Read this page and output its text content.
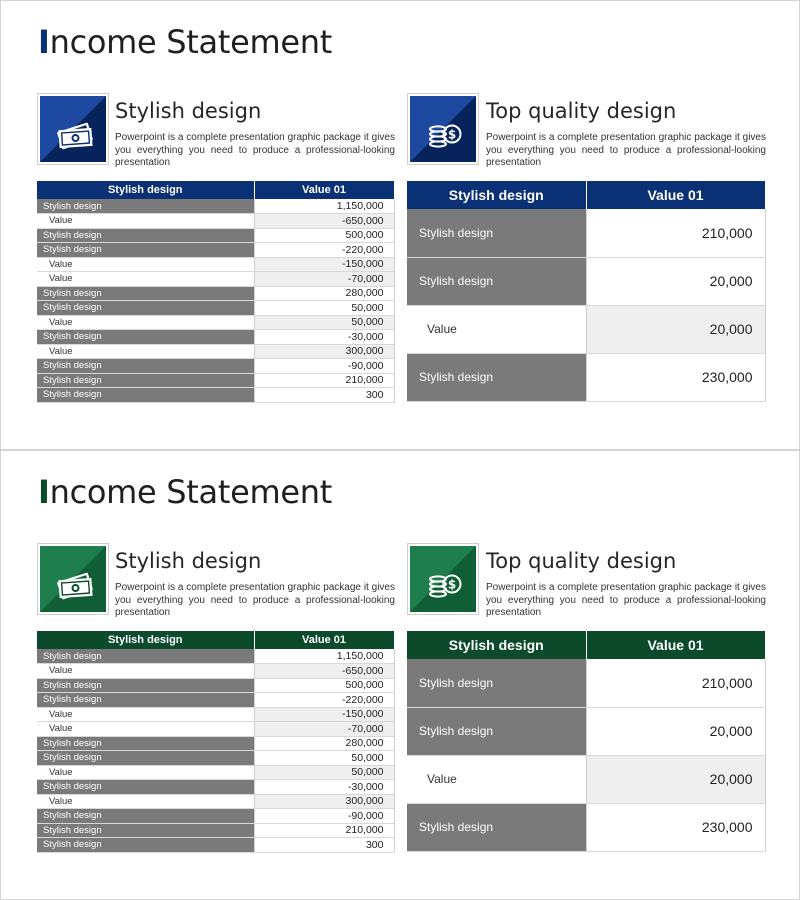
Income Statement
Stylish design
Powerpoint is a complete presentation graphic package it gives you everything you need to produce a professional-looking presentation
$
Top quality design
Powerpoint is a complete presentation graphic package it gives you everything you need to produce a professional-looking presentation
Stylish design	Value 01
Stylish design	1,150,000
Value	-650,000
Stylish design	500,000
Stylish design	-220,000
Value	-150,000
Value	-70,000
Stylish design	280,000
Stylish design	50,000
Value	50,000
Stylish design	-30,000
Value	300,000
Stylish design	-90,000
Stylish design	210,000
Stylish design	300
Stylish design	Value 01
Stylish design	210,000
Stylish design	20,000
Value	20,000
Stylish design	230,000
Income Statement
Stylish design
Powerpoint is a complete presentation graphic package it gives you everything you need to produce a professional-looking presentation
$
Top quality design
Powerpoint is a complete presentation graphic package it gives you everything you need to produce a professional-looking presentation
Stylish design	Value 01
Stylish design	1,150,000
Value	-650,000
Stylish design	500,000
Stylish design	-220,000
Value	-150,000
Value	-70,000
Stylish design	280,000
Stylish design	50,000
Value	50,000
Stylish design	-30,000
Value	300,000
Stylish design	-90,000
Stylish design	210,000
Stylish design	300
Stylish design	Value 01
Stylish design	210,000
Stylish design	20,000
Value	20,000
Stylish design	230,000
